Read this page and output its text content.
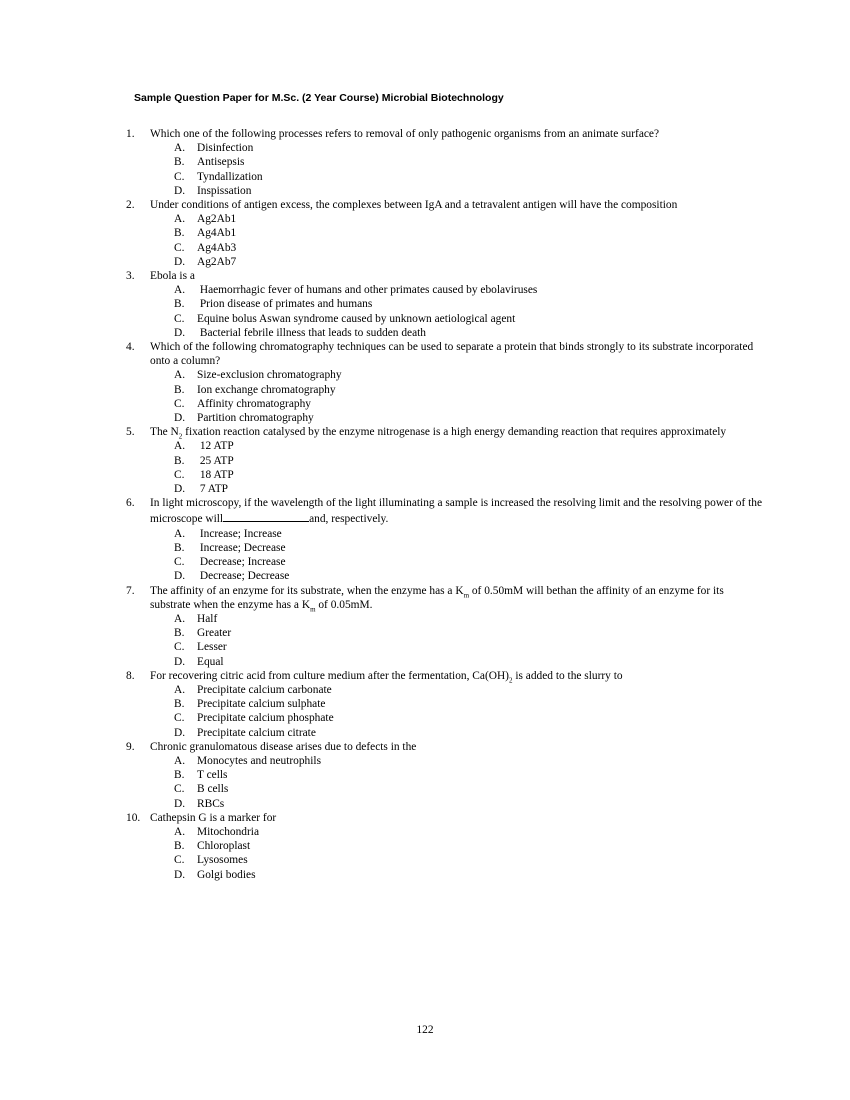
Sample Question Paper for M.Sc. (2 Year Course) Microbial Biotechnology
1.	Which one of the following processes refers to removal of only pathogenic organisms from an animate surface?
A.	Disinfection
B.	Antisepsis
C.	Tyndallization
D.	Inspissation
2.	Under conditions of antigen excess, the complexes between IgA and a tetravalent antigen will have the composition
A.	Ag2Ab1
B.	Ag4Ab1
C.	Ag4Ab3
D.	Ag2Ab7
3.	Ebola is a
A.	Haemorrhagic fever of humans and other primates caused by ebolaviruses
B.	Prion disease of primates and humans
C.	Equine bolus Aswan syndrome caused by unknown aetiological agent
D.	Bacterial febrile illness that leads to sudden death
4.	Which of the following chromatography techniques can be used to separate a protein that binds strongly to its substrate incorporated onto a column?
A.	Size-exclusion chromatography
B.	Ion exchange chromatography
C.	Affinity chromatography
D.	Partition chromatography
5.	The $N_2$ fixation reaction catalysed by the enzyme nitrogenase is a high energy demanding reaction that requires approximately
A.	12 ATP
B.	25 ATP
C.	18 ATP
D.	7 ATP
6.	In light microscopy, if the wavelength of the light illuminating a sample is increased the resolving limit and the resolving power of the microscope will	and, respectively.
A.	Increase; Increase
B.	Increase; Decrease
C.	Decrease; Increase
D.	Decrease; Decrease
7.	The affinity of an enzyme for its substrate, when the enzyme has a $K_m$ of 0.50mM will bethan the affinity of an enzyme for its substrate when the enzyme has a $K_m$ of 0.05mM.
A.	Half
B.	Greater
C.	Lesser
D.	Equal
8.	For recovering citric acid from culture medium after the fermentation, $Ca(OH)_2$ is added to the slurry to
A.	Precipitate calcium carbonate
B.	Precipitate calcium sulphate
C.	Precipitate calcium phosphate
D.	Precipitate calcium citrate
9.	Chronic granulomatous disease arises due to defects in the
A.	Monocytes and neutrophils
B.	T cells
C.	B cells
D.	RBCs
10. Cathepsin G is a marker for
A.	Mitochondria
B.	Chloroplast
C.	Lysosomes
D.	Golgi bodies
122
